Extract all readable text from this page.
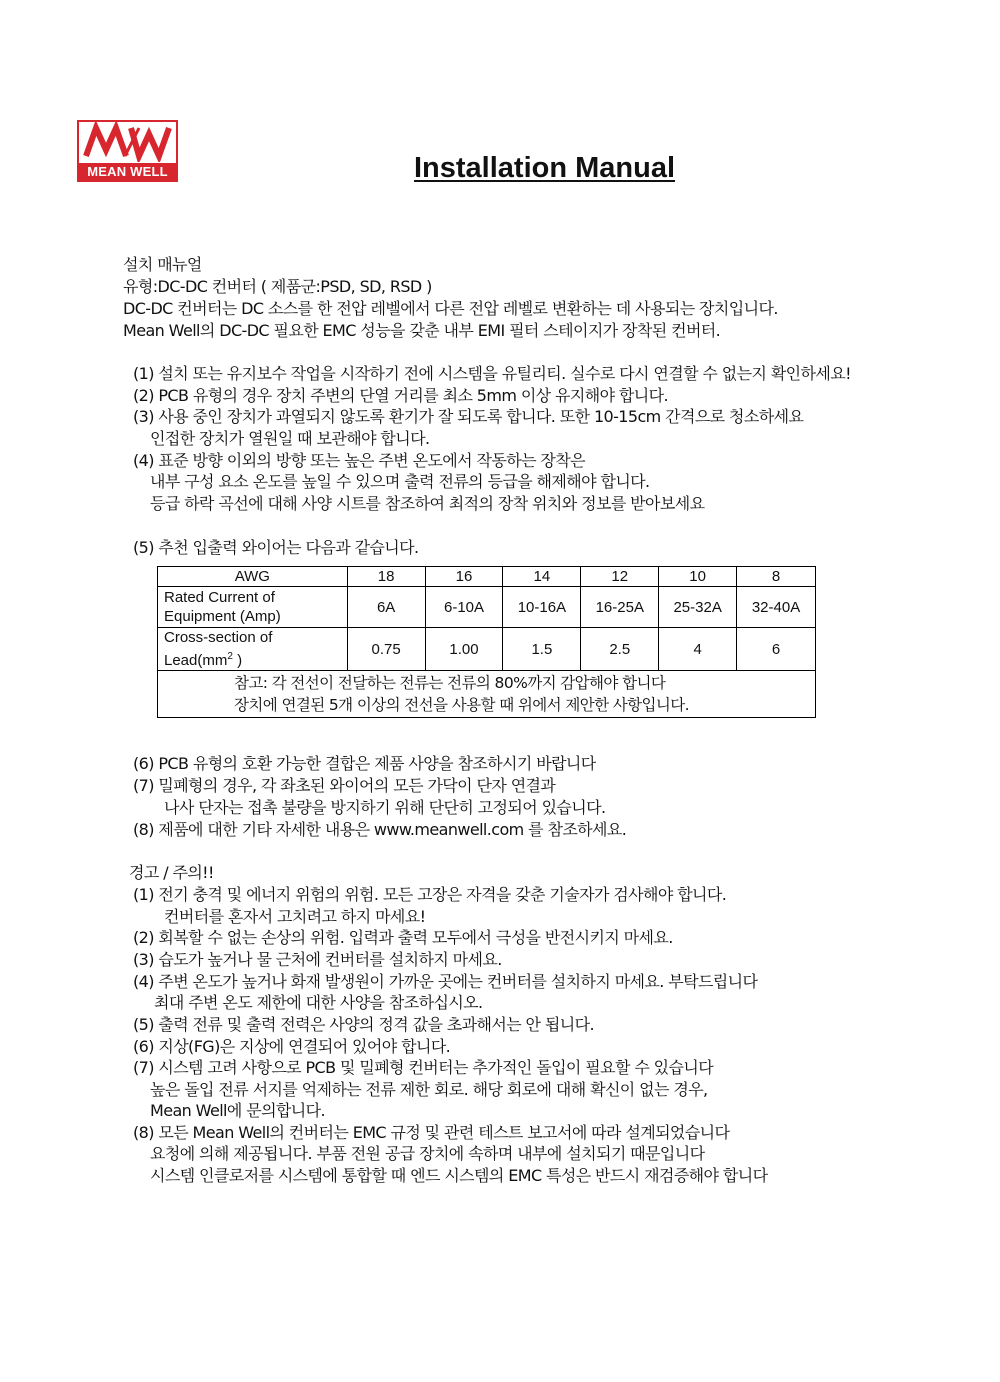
MEAN WELL	Installation Manual
설치 매뉴얼
유형:DC-DC 컨버터 ( 제품군:PSD, SD, RSD )
DC-DC 컨버터는 DC 소스를 한 전압 레벨에서 다른 전압 레벨로 변환하는 데 사용되는 장치입니다.
Mean Well의 DC-DC 필요한 EMC 성능을 갖춘 내부 EMI 필터 스테이지가 장착된 컨버터.
(1) 설치 또는 유지보수 작업을 시작하기 전에 시스템을 유틸리티. 실수로 다시 연결할 수 없는지 확인하세요!
(2) PCB 유형의 경우 장치 주변의 단열 거리를 최소 5mm 이상 유지해야 합니다.
(3) 사용 중인 장치가 과열되지 않도록 환기가 잘 되도록 합니다. 또한 10-15cm 간격으로 청소하세요
인접한 장치가 열원일 때 보관해야 합니다.
(4) 표준 방향 이외의 방향 또는 높은 주변 온도에서 작동하는 장착은
내부 구성 요소 온도를 높일 수 있으며 출력 전류의 등급을 해제해야 합니다.
등급 하락 곡선에 대해 사양 시트를 참조하여 최적의 장착 위치와 정보를 받아보세요
(5) 추천 입출력 와이어는 다음과 같습니다.
AWG	18	16	14	12	10	8
Rated Current of
Equipment (Amp)	6A	6-10A	10-16A	16-25A	25-32A	32-40A
Cross-section of
$Lead(mm^2$ )	0.75	1.00	1.5	2.5	4	6
참고: 각 전선이 전달하는 전류는 전류의 80%까지 감압해야 합니다
장치에 연결된 5개 이상의 전선을 사용할 때 위에서 제안한 사항입니다.						
(6) PCB 유형의 호환 가능한 결합은 제품 사양을 참조하시기 바랍니다
(7) 밀폐형의 경우, 각 좌초된 와이어의 모든 가닥이 단자 연결과
나사 단자는 접촉 불량을 방지하기 위해 단단히 고정되어 있습니다.
(8) 제품에 대한 기타 자세한 내용은 www.meanwell.com 를 참조하세요.
경고 / 주의!!
(1) 전기 충격 및 에너지 위험의 위험. 모든 고장은 자격을 갖춘 기술자가 검사해야 합니다.
컨버터를 혼자서 고치려고 하지 마세요!
(2) 회복할 수 없는 손상의 위험. 입력과 출력 모두에서 극성을 반전시키지 마세요.
(3) 습도가 높거나 물 근처에 컨버터를 설치하지 마세요.
(4) 주변 온도가 높거나 화재 발생원이 가까운 곳에는 컨버터를 설치하지 마세요. 부탁드립니다
최대 주변 온도 제한에 대한 사양을 참조하십시오.
(5) 출력 전류 및 출력 전력은 사양의 정격 값을 초과해서는 안 됩니다.
(6) 지상(FG)은 지상에 연결되어 있어야 합니다.
(7) 시스템 고려 사항으로 PCB 및 밀폐형 컨버터는 추가적인 돌입이 필요할 수 있습니다
높은 돌입 전류 서지를 억제하는 전류 제한 회로. 해당 회로에 대해 확신이 없는 경우,
Mean Well에 문의합니다.
(8) 모든 Mean Well의 컨버터는 EMC 규정 및 관련 테스트 보고서에 따라 설계되었습니다
요청에 의해 제공됩니다. 부품 전원 공급 장치에 속하며 내부에 설치되기 때문입니다
시스템 인클로저를 시스템에 통합할 때 엔드 시스템의 EMC 특성은 반드시 재검증해야 합니다
